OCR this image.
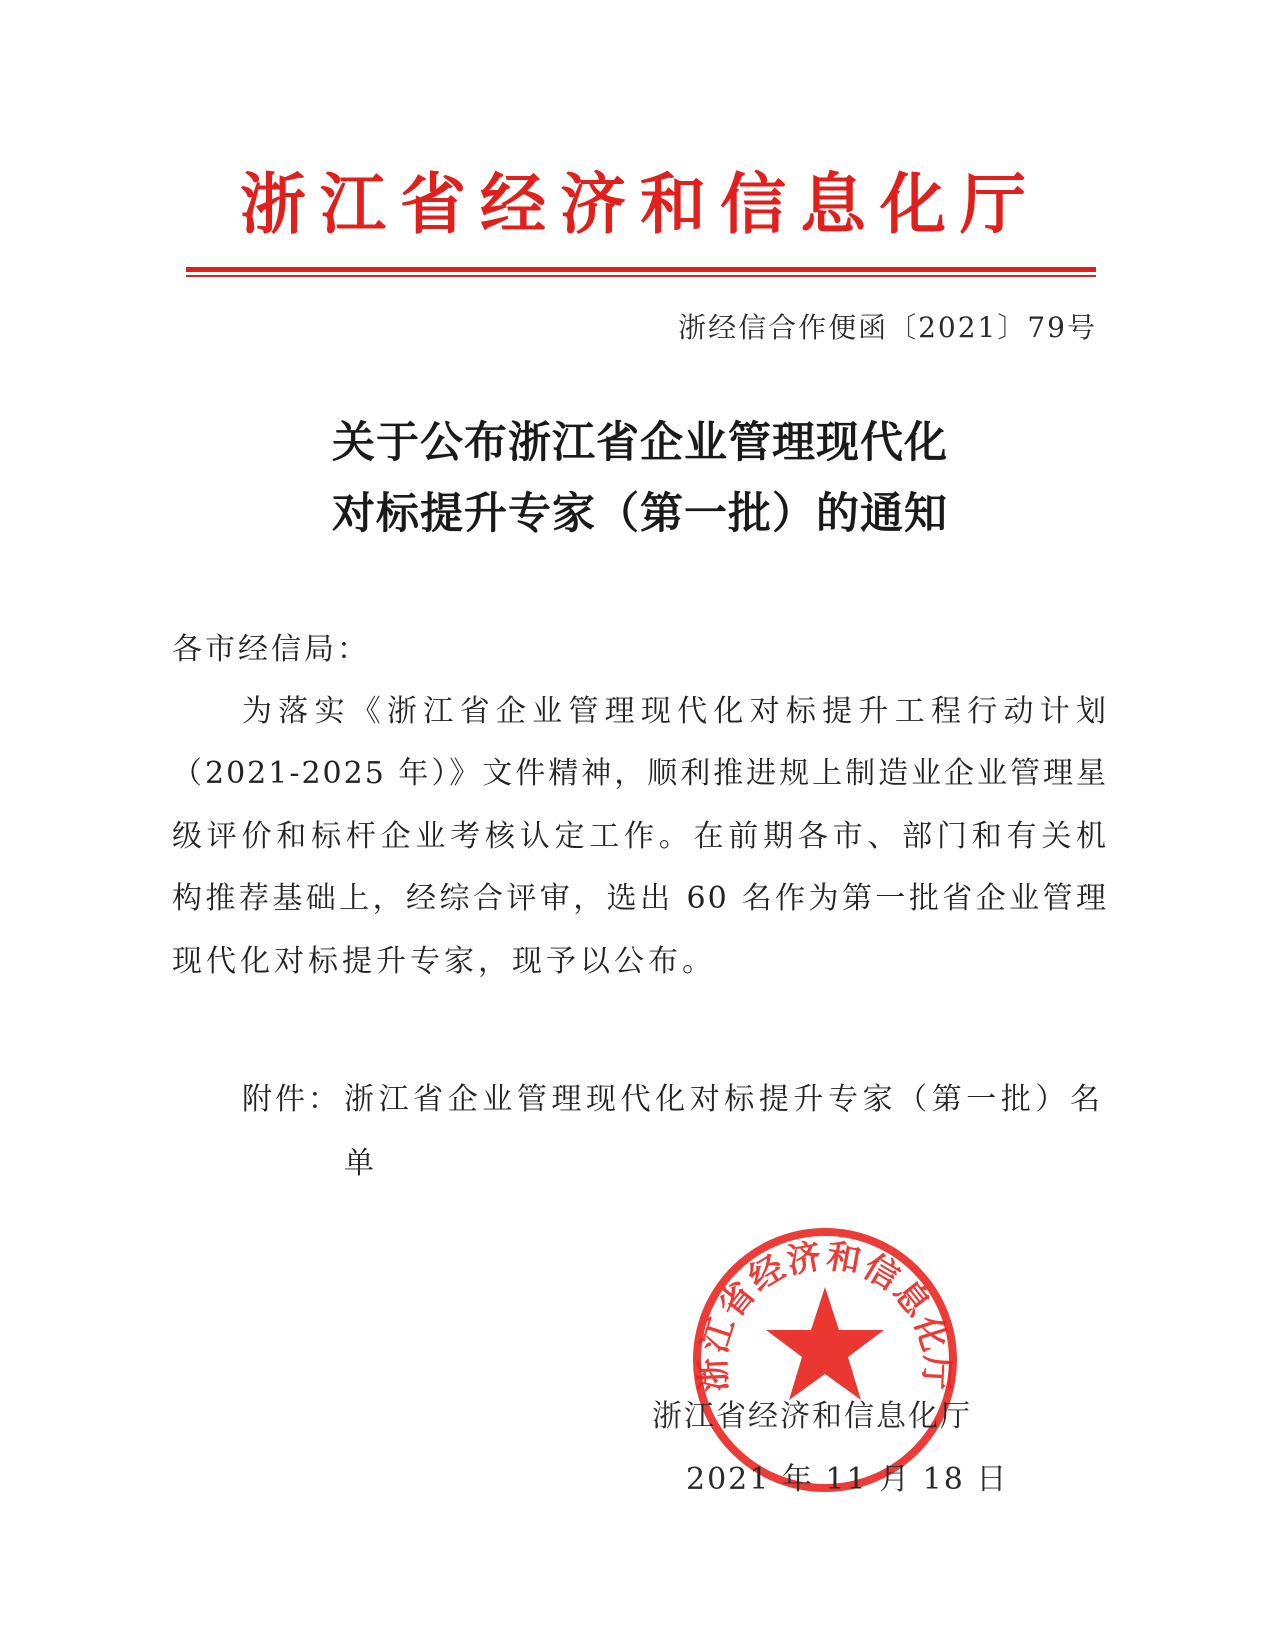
浙江省经济和信息化厅
浙经信合作便函〔2021〕79号
关于公布浙江省企业管理现代化
对标提升专家（第一批）的通知
各市经信局：
为落实《浙江省企业管理现代化对标提升工程行动计划
（2021-2025 年）》文件精神，顺利推进规上制造业企业管理星
级评价和标杆企业考核认定工作。在前期各市、部门和有关机
构推荐基础上，经综合评审，选出 60 名作为第一批省企业管理
现代化对标提升专家，现予以公布。
附件： 浙江省企业管理现代化对标提升专家（第一批）名
单
浙江省经济和信息化厅
浙江省经济和信息化厅
2021 年 11 月 18 日
